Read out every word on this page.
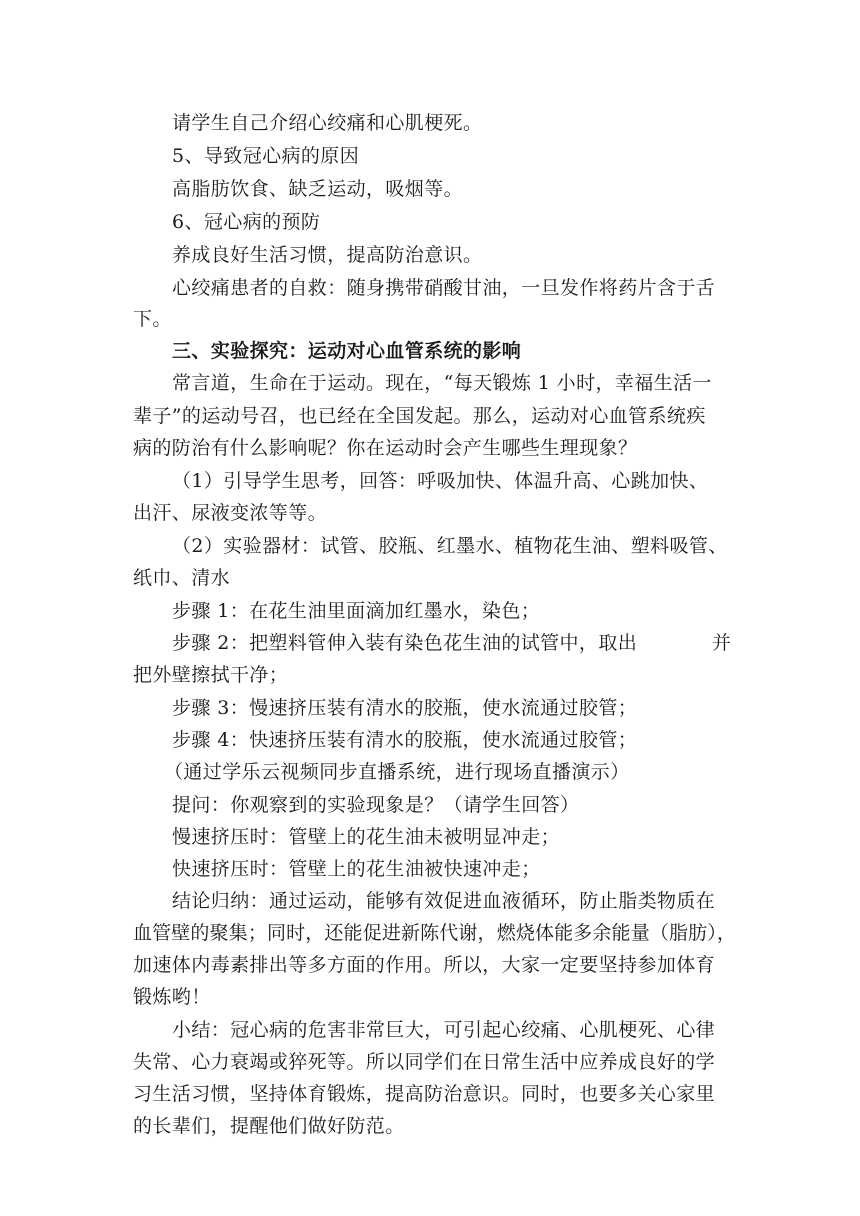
请学生自己介绍心绞痛和心肌梗死。
5、导致冠心病的原因
高脂肪饮食、缺乏运动，吸烟等。
6、冠心病的预防
养成良好生活习惯，提高防治意识。
心绞痛患者的自救：随身携带硝酸甘油，一旦发作将药片含于舌
下。
三、实验探究：运动对心血管系统的影响
常言道，生命在于运动。现在，“每天锻炼 1 小时，幸福生活一
辈子”的运动号召，也已经在全国发起。那么，运动对心血管系统疾
病的防治有什么影响呢？你在运动时会产生哪些生理现象？
（1）引导学生思考，回答：呼吸加快、体温升高、心跳加快、
出汗、尿液变浓等等。
（2）实验器材：试管、胶瓶、红墨水、植物花生油、塑料吸管、
纸巾、清水
步骤 1：在花生油里面滴加红墨水，染色；
步骤 2：把塑料管伸入装有染色花生油的试管中，取出	并
把外壁擦拭干净；
步骤 3：慢速挤压装有清水的胶瓶，使水流通过胶管；
步骤 4：快速挤压装有清水的胶瓶，使水流通过胶管；
（通过学乐云视频同步直播系统，进行现场直播演示）
提问：你观察到的实验现象是？（请学生回答）
慢速挤压时：管壁上的花生油未被明显冲走；
快速挤压时：管壁上的花生油被快速冲走；
结论归纳：通过运动，能够有效促进血液循环，防止脂类物质在
血管壁的聚集；同时，还能促进新陈代谢，燃烧体能多余能量（脂肪），
加速体内毒素排出等多方面的作用。所以，大家一定要坚持参加体育
锻炼哟！
小结：冠心病的危害非常巨大，可引起心绞痛、心肌梗死、心律
失常、心力衰竭或猝死等。所以同学们在日常生活中应养成良好的学
习生活习惯，坚持体育锻炼，提高防治意识。同时，也要多关心家里
的长辈们，提醒他们做好防范。
